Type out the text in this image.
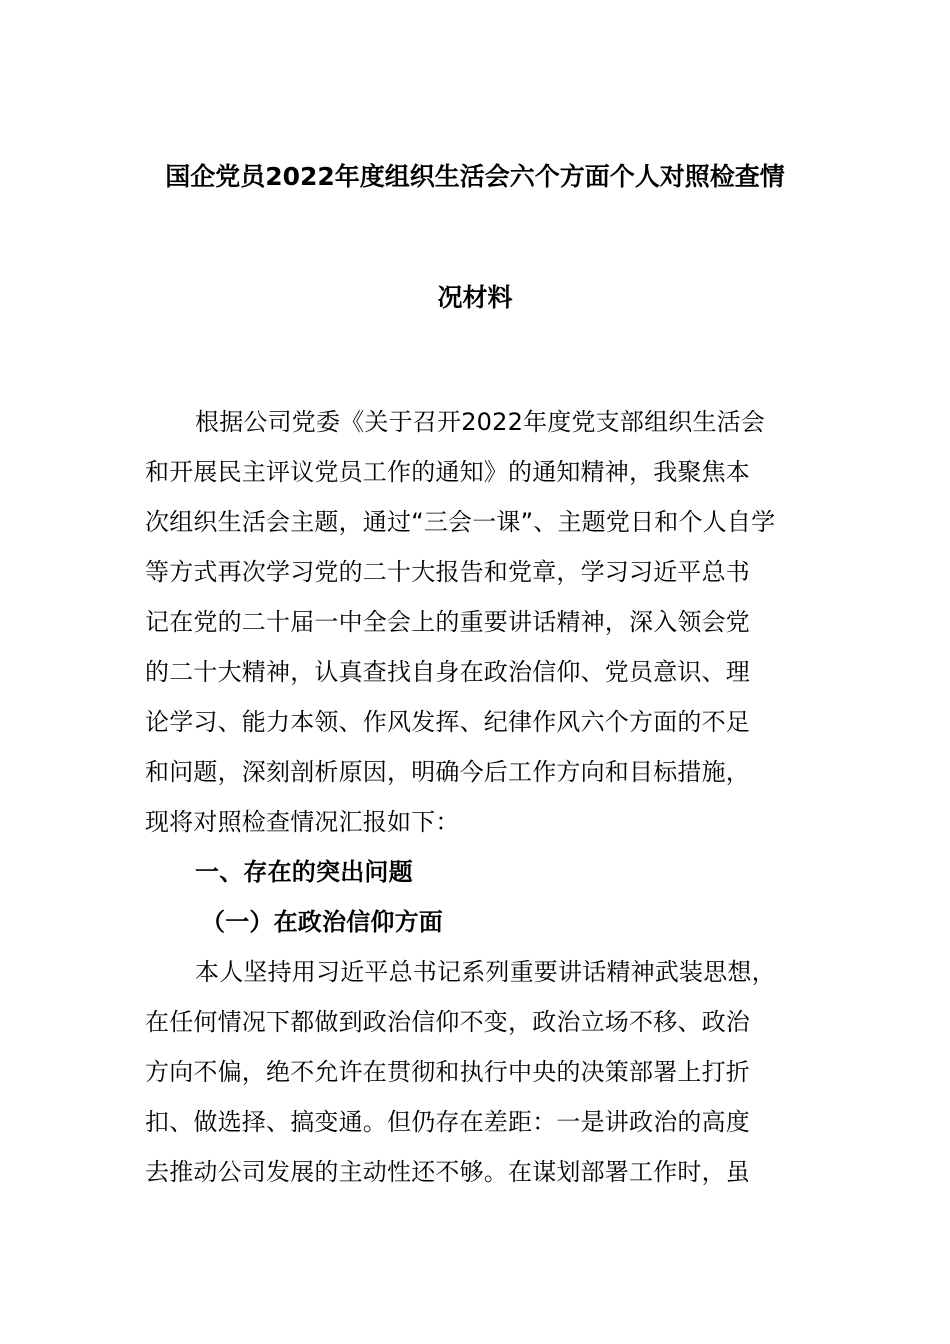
国企党员2022年度组织生活会六个方面个人对照检查情
况材料
根据公司党委《关于召开2022年度党支部组织生活会
和开展民主评议党员工作的通知》的通知精神，我聚焦本
次组织生活会主题，通过“三会一课”、主题党日和个人自学
等方式再次学习党的二十大报告和党章，学习习近平总书
记在党的二十届一中全会上的重要讲话精神，深入领会党
的二十大精神，认真查找自身在政治信仰、党员意识、理
论学习、能力本领、作风发挥、纪律作风六个方面的不足
和问题，深刻剖析原因，明确今后工作方向和目标措施，
现将对照检查情况汇报如下：
一、存在的突出问题
（一）在政治信仰方面
本人坚持用习近平总书记系列重要讲话精神武装思想，
在任何情况下都做到政治信仰不变，政治立场不移、政治
方向不偏，绝不允许在贯彻和执行中央的决策部署上打折
扣、做选择、搞变通。但仍存在差距：一是讲政治的高度
去推动公司发展的主动性还不够。在谋划部署工作时，虽
